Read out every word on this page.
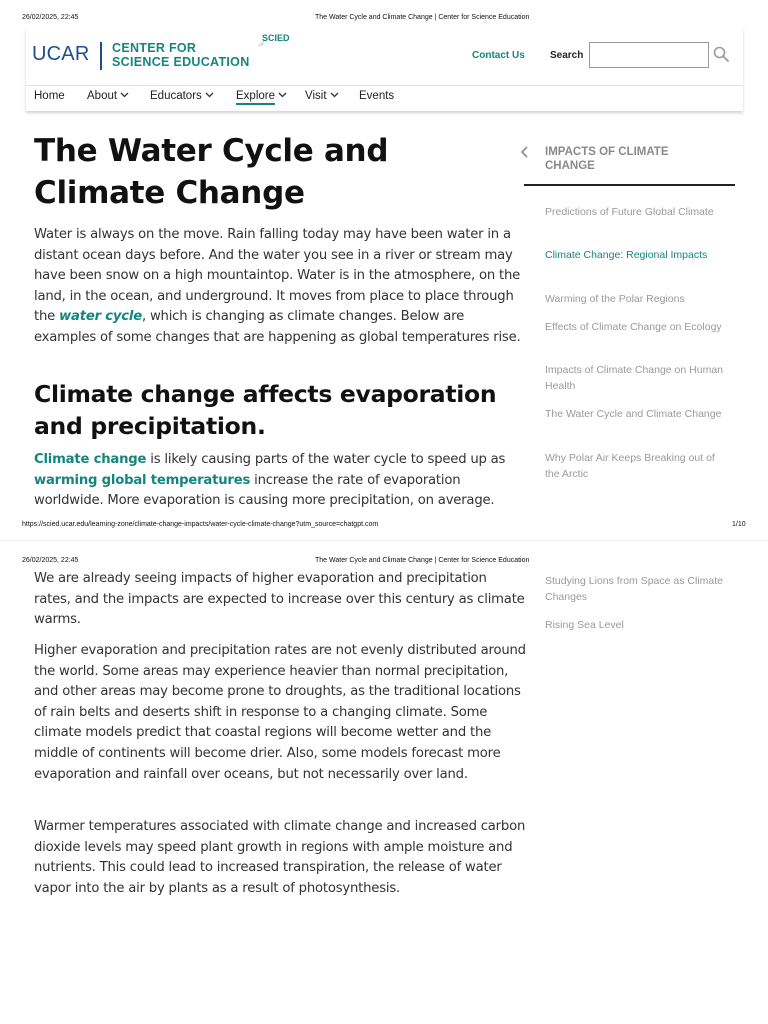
26/02/2025, 22:45	The Water Cycle and Climate Change | Center for Science Education
UCAR CENTER FOR
SCIENCE EDUCATION
SCIED
Contact Us	Search
Home About	Educators	Explore	Visit	Events
The Water Cycle and Climate Change

Water is always on the move. Rain falling today may have been water in a distant ocean days before. And the water you see in a river or stream may have been snow on a high mountaintop. Water is in the atmosphere, on the land, in the ocean, and underground. It moves from place to place through the water cycle, which is changing as climate changes. Below are examples of some changes that are happening as global temperatures rise.

Climate change affects evaporation and precipitation.

Climate change is likely causing parts of the water cycle to speed up as warming global temperatures increase the rate of evaporation worldwide. More evaporation is causing more precipitation, on average.

IMPACTS OF CLIMATE CHANGE
Predictions of Future Global Climate
Climate Change: Regional Impacts
Warming of the Polar Regions
Effects of Climate Change on Ecology
Impacts of Climate Change on Human Health
The Water Cycle and Climate Change
Why Polar Air Keeps Breaking out of the Arctic
https://scied.ucar.edu/learning-zone/climate-change-impacts/water-cycle-climate-change?utm_source=chatgpt.com	1/10
26/02/2025, 22:45	The Water Cycle and Climate Change | Center for Science Education

We are already seeing impacts of higher evaporation and precipitation rates, and the impacts are expected to increase over this century as climate warms.

Higher evaporation and precipitation rates are not evenly distributed around the world. Some areas may experience heavier than normal precipitation, and other areas may become prone to droughts, as the traditional locations of rain belts and deserts shift in response to a changing climate. Some climate models predict that coastal regions will become wetter and the middle of continents will become drier. Also, some models forecast more evaporation and rainfall over oceans, but not necessarily over land.

Warmer temperatures associated with climate change and increased carbon dioxide levels may speed plant growth in regions with ample moisture and nutrients. This could lead to increased transpiration, the release of water vapor into the air by plants as a result of photosynthesis.

Studying Lions from Space as Climate Changes
Rising Sea Level
